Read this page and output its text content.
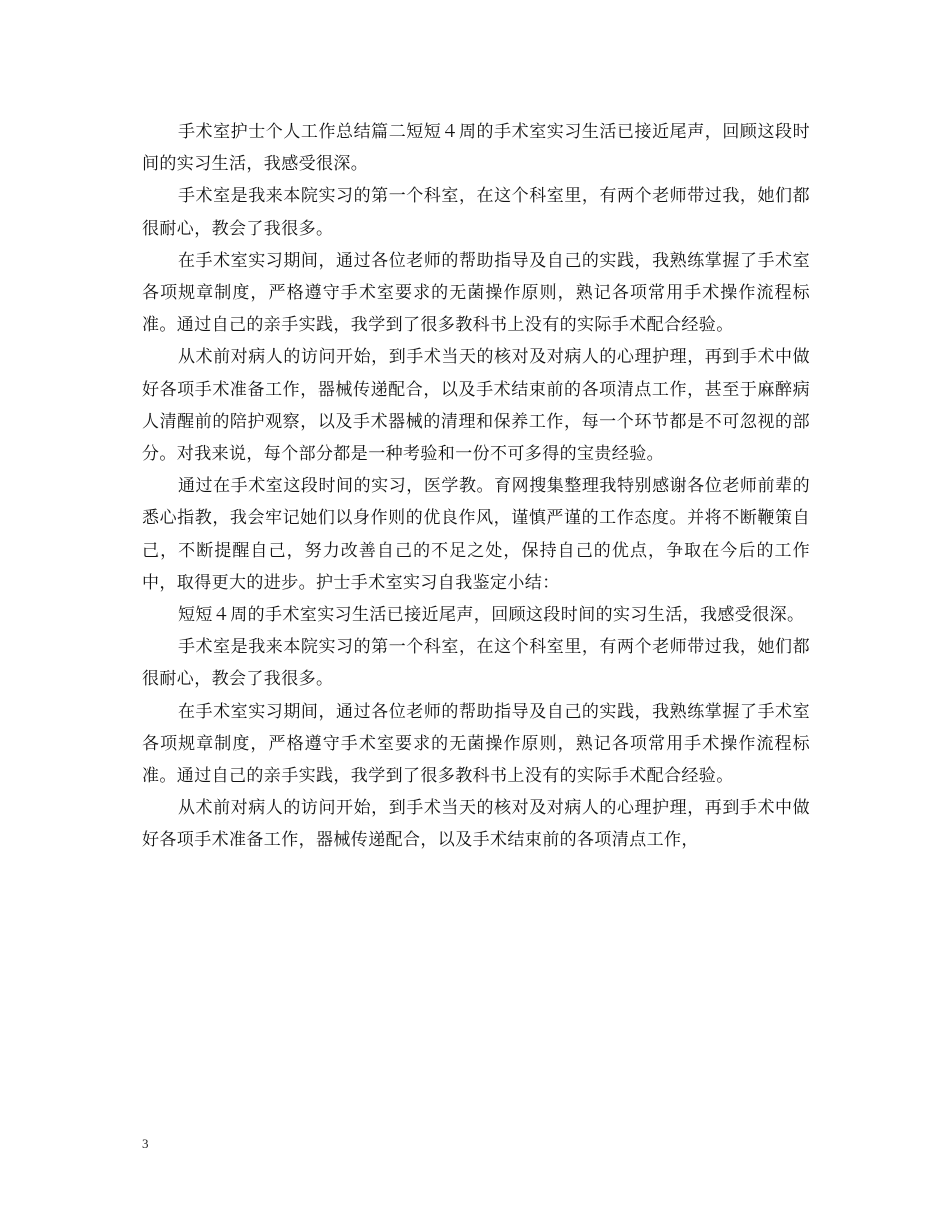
手术室护士个人工作总结篇二短短４周的手术室实习生活已接近尾声，回顾这段时间的实习生活，我感受很深。

手术室是我来本院实习的第一个科室，在这个科室里，有两个老师带过我，她们都很耐心，教会了我很多。

在手术室实习期间，通过各位老师的帮助指导及自己的实践，我熟练掌握了手术室各项规章制度，严格遵守手术室要求的无菌操作原则，熟记各项常用手术操作流程标准。通过自己的亲手实践，我学到了很多教科书上没有的实际手术配合经验。

从术前对病人的访问开始，到手术当天的核对及对病人的心理护理，再到手术中做好各项手术准备工作，器械传递配合，以及手术结束前的各项清点工作，甚至于麻醉病人清醒前的陪护观察，以及手术器械的清理和保养工作，每一个环节都是不可忽视的部分。对我来说，每个部分都是一种考验和一份不可多得的宝贵经验。

通过在手术室这段时间的实习，医学教。育网搜集整理我特别感谢各位老师前辈的悉心指教，我会牢记她们以身作则的优良作风，谨慎严谨的工作态度。并将不断鞭策自己，不断提醒自己，努力改善自己的不足之处，保持自己的优点，争取在今后的工作中，取得更大的进步。护士手术室实习自我鉴定小结：

短短４周的手术室实习生活已接近尾声，回顾这段时间的实习生活，我感受很深。

手术室是我来本院实习的第一个科室，在这个科室里，有两个老师带过我，她们都很耐心，教会了我很多。

在手术室实习期间，通过各位老师的帮助指导及自己的实践，我熟练掌握了手术室各项规章制度，严格遵守手术室要求的无菌操作原则，熟记各项常用手术操作流程标准。通过自己的亲手实践，我学到了很多教科书上没有的实际手术配合经验。

从术前对病人的访问开始，到手术当天的核对及对病人的心理护理，再到手术中做好各项手术准备工作，器械传递配合，以及手术结束前的各项清点工作，

3
